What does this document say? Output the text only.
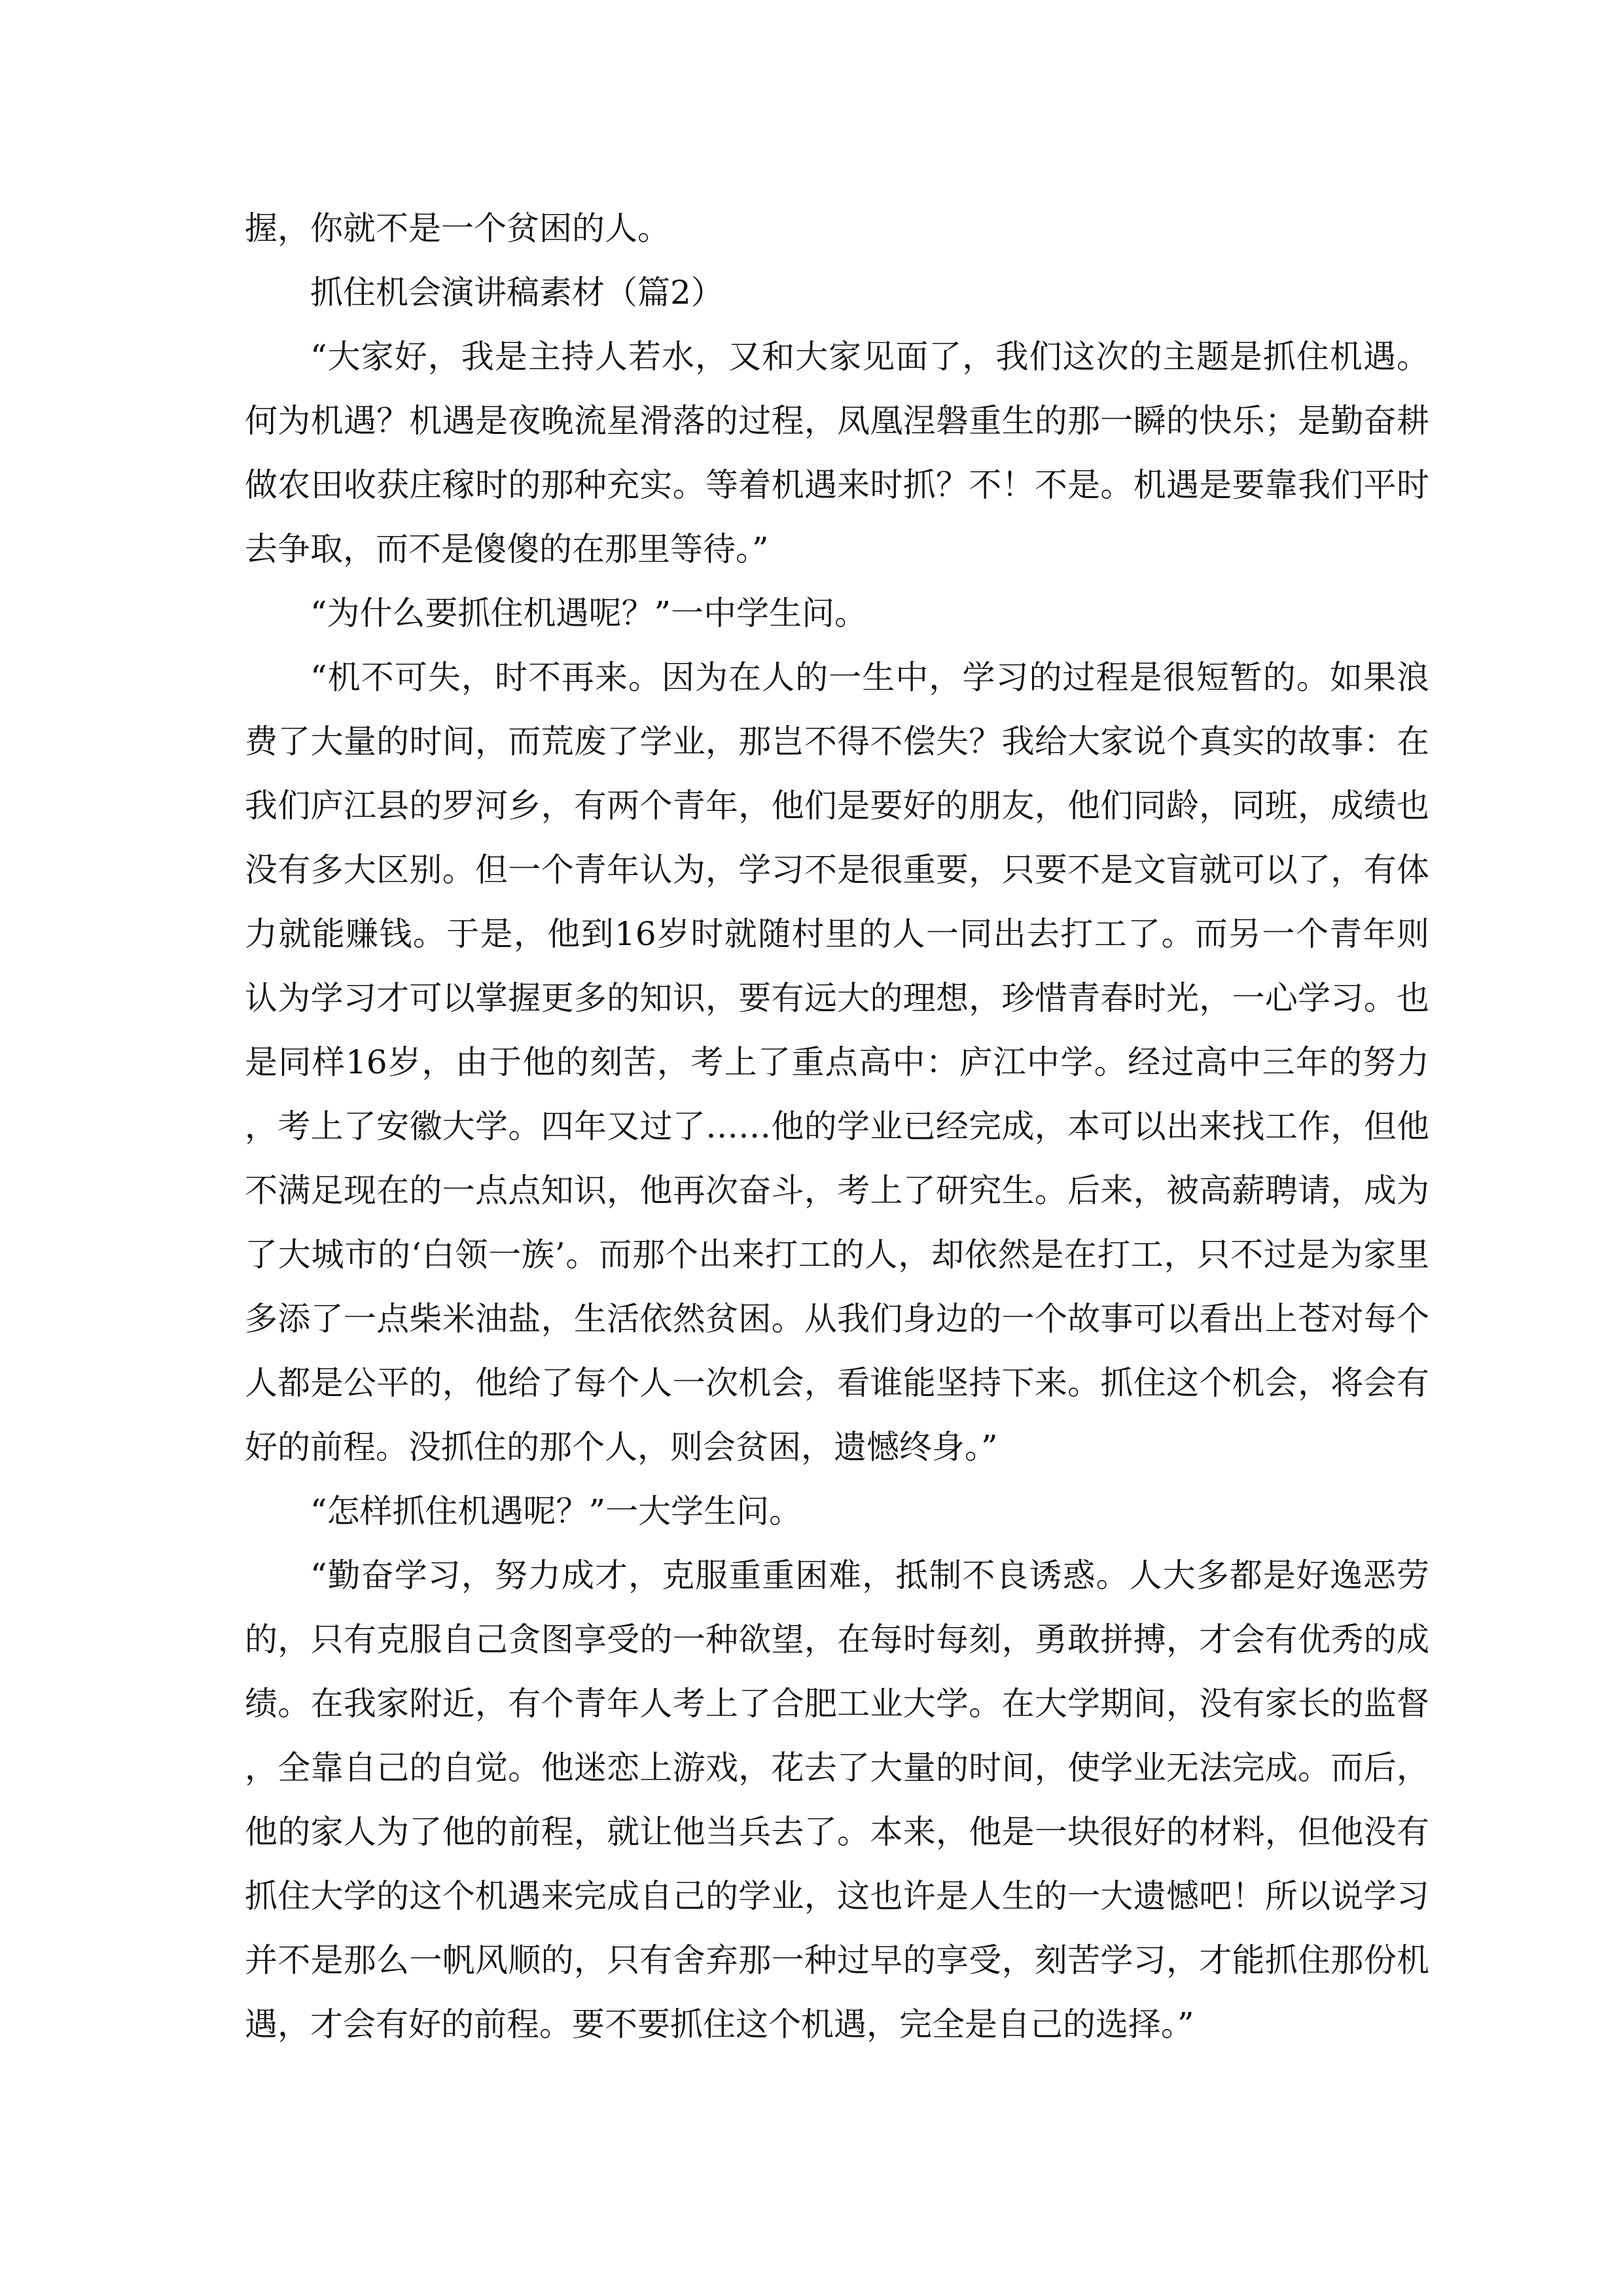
握，你就不是一个贫困的人。

抓住机会演讲稿素材（篇2）

“大家好，我是主持人若水，又和大家见面了，我们这次的主题是抓住机遇。何为机遇？机遇是夜晚流星滑落的过程，凤凰涅磐重生的那一瞬的快乐；是勤奋耕做农田收获庄稼时的那种充实。等着机遇来时抓？不！不是。机遇是要靠我们平时去争取，而不是傻傻的在那里等待。”

“为什么要抓住机遇呢？”一中学生问。

“机不可失，时不再来。因为在人的一生中，学习的过程是很短暂的。如果浪费了大量的时间，而荒废了学业，那岂不得不偿失？我给大家说个真实的故事：在我们庐江县的罗河乡，有两个青年，他们是要好的朋友，他们同龄，同班，成绩也没有多大区别。但一个青年认为，学习不是很重要，只要不是文盲就可以了，有体力就能赚钱。于是，他到16岁时就随村里的人一同出去打工了。而另一个青年则认为学习才可以掌握更多的知识，要有远大的理想，珍惜青春时光，一心学习。也是同样16岁，由于他的刻苦，考上了重点高中：庐江中学。经过高中三年的努力，考上了安徽大学。四年又过了……他的学业已经完成，本可以出来找工作，但他不满足现在的一点点知识，他再次奋斗，考上了研究生。后来，被高薪聘请，成为了大城市的‘白领一族’。而那个出来打工的人，却依然是在打工，只不过是为家里多添了一点柴米油盐，生活依然贫困。从我们身边的一个故事可以看出上苍对每个人都是公平的，他给了每个人一次机会，看谁能坚持下来。抓住这个机会，将会有好的前程。没抓住的那个人，则会贫困，遗憾终身。”

“怎样抓住机遇呢？”一大学生问。

“勤奋学习，努力成才，克服重重困难，抵制不良诱惑。人大多都是好逸恶劳的，只有克服自己贪图享受的一种欲望，在每时每刻，勇敢拼搏，才会有优秀的成绩。在我家附近，有个青年人考上了合肥工业大学。在大学期间，没有家长的监督，全靠自己的自觉。他迷恋上游戏，花去了大量的时间，使学业无法完成。而后，他的家人为了他的前程，就让他当兵去了。本来，他是一块很好的材料，但他没有抓住大学的这个机遇来完成自己的学业，这也许是人生的一大遗憾吧！所以说学习并不是那么一帆风顺的，只有舍弃那一种过早的享受，刻苦学习，才能抓住那份机遇，才会有好的前程。要不要抓住这个机遇，完全是自己的选择。”
